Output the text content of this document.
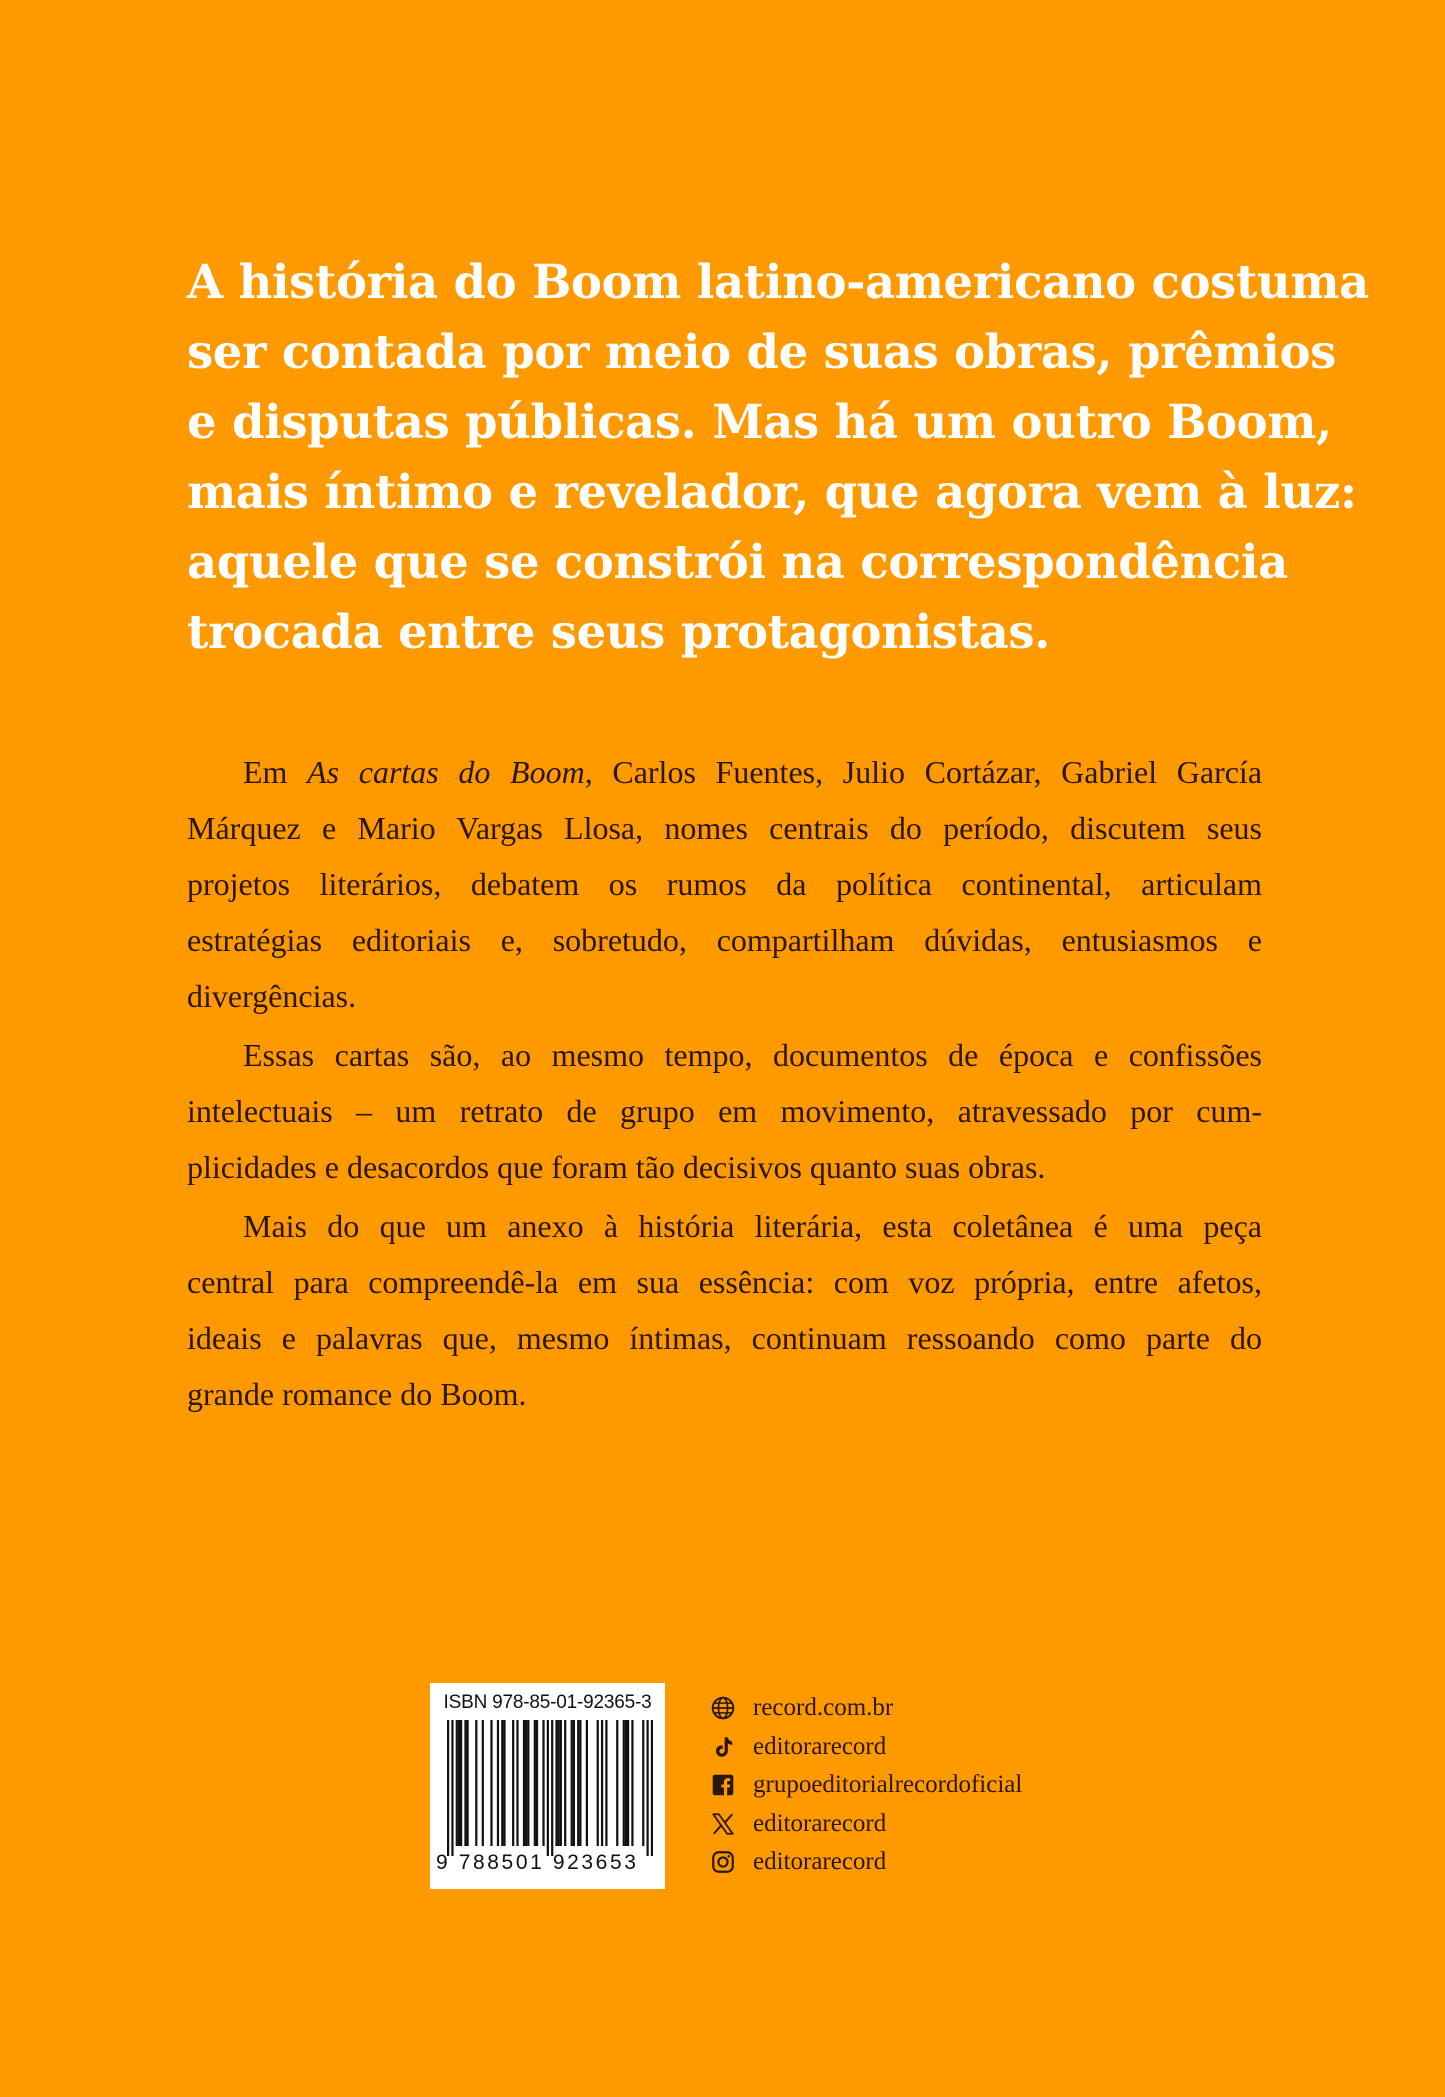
A história do Boom latino-americano costuma
ser contada por meio de suas obras, prêmios
e disputas públicas. Mas há um outro Boom,
mais íntimo e revelador, que agora vem à luz:
aquele que se constrói na correspondência
trocada entre seus protagonistas.

Em As cartas do Boom, Carlos Fuentes, Julio Cortázar, Gabriel García
Márquez e Mario Vargas Llosa, nomes centrais do período, discutem seus
projetos literários, debatem os rumos da política continental, articulam
estratégias editoriais e, sobretudo, compartilham dúvidas, entusiasmos e
divergências.

Essas cartas são, ao mesmo tempo, documentos de época e confissões
intelectuais – um retrato de grupo em movimento, atravessado por cum-
plicidades e desacordos que foram tão decisivos quanto suas obras.

Mais do que um anexo à história literária, esta coletânea é uma peça
central para compreendê-la em sua essência: com voz própria, entre afetos,
ideais e palavras que, mesmo íntimas, continuam ressoando como parte do
grande romance do Boom.

ISBN 978-85-01-92365-3
9 788501 923653
record.com.br
editorarecord
grupoeditorialrecordoficial
editorarecord
editorarecord
